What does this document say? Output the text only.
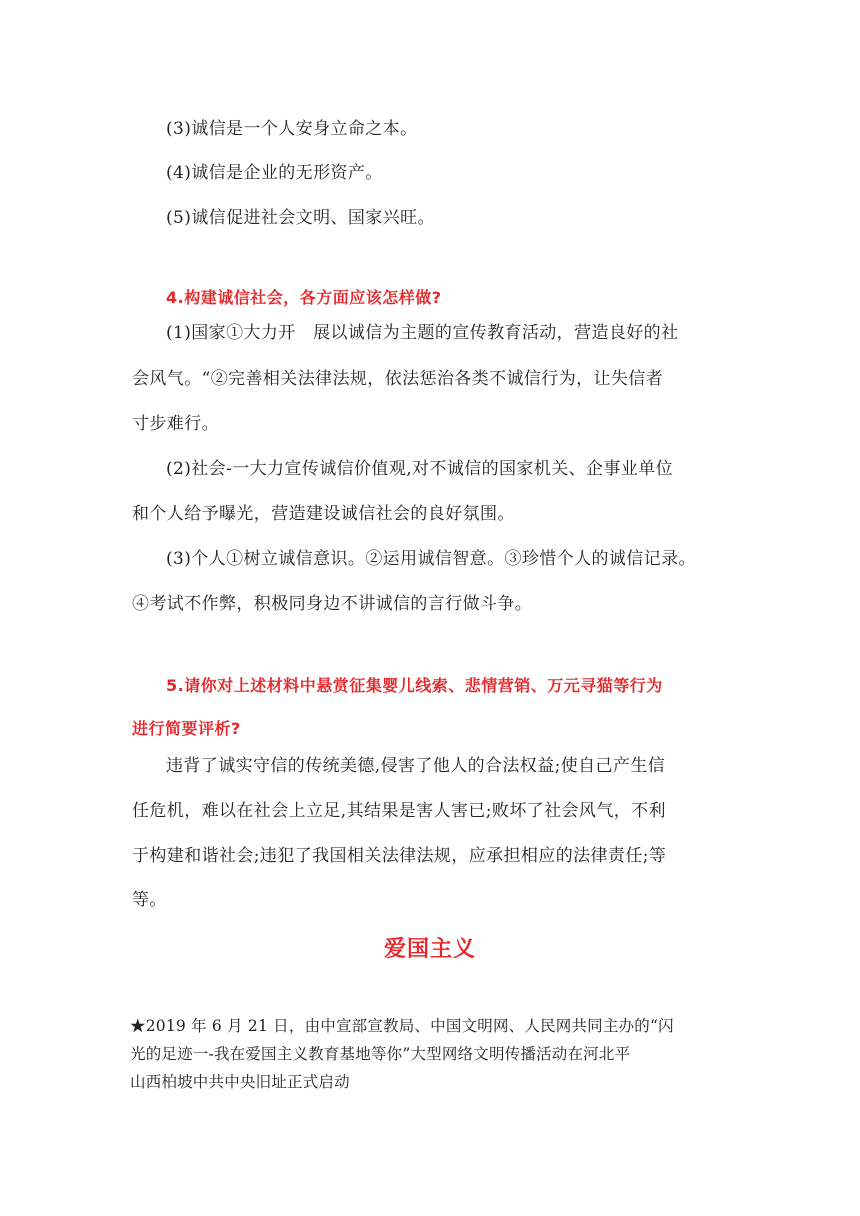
(3)诚信是一个人安身立命之本。
(4)诚信是企业的无形资产。
(5)诚信促进社会文明、国家兴旺。
4.构建诚信社会，各方面应该怎样做?
(1)国家①大力开　展以诚信为主题的宣传教育活动，营造良好的社
会风气。“②完善相关法律法规，依法惩治各类不诚信行为，让失信者
寸步难行。
(2)社会-一大力宣传诚信价值观,对不诚信的国家机关、企事业单位
和个人给予曝光，营造建设诚信社会的良好氛围。
(3)个人①树立诚信意识。②运用诚信智意。③珍惜个人的诚信记录。
④考试不作弊，积极同身边不讲诚信的言行做斗争。
5.请你对上述材料中悬赏征集婴儿线索、悲情营销、万元寻猫等行为
进行简要评析?
违背了诚实守信的传统美德,侵害了他人的合法权益;使自己产生信
任危机，难以在社会上立足,其结果是害人害已;败坏了社会风气，不利
于构建和谐社会;违犯了我国相关法律法规，应承担相应的法律责任;等
等。
爱国主义
★2019 年 6 月 21 日，由中宣部宣教局、中国文明网、人民网共同主办的“闪
光的足迹一-我在爱国主义教育基地等你”大型网络文明传播活动在河北平
山西柏坡中共中央旧址正式启动
